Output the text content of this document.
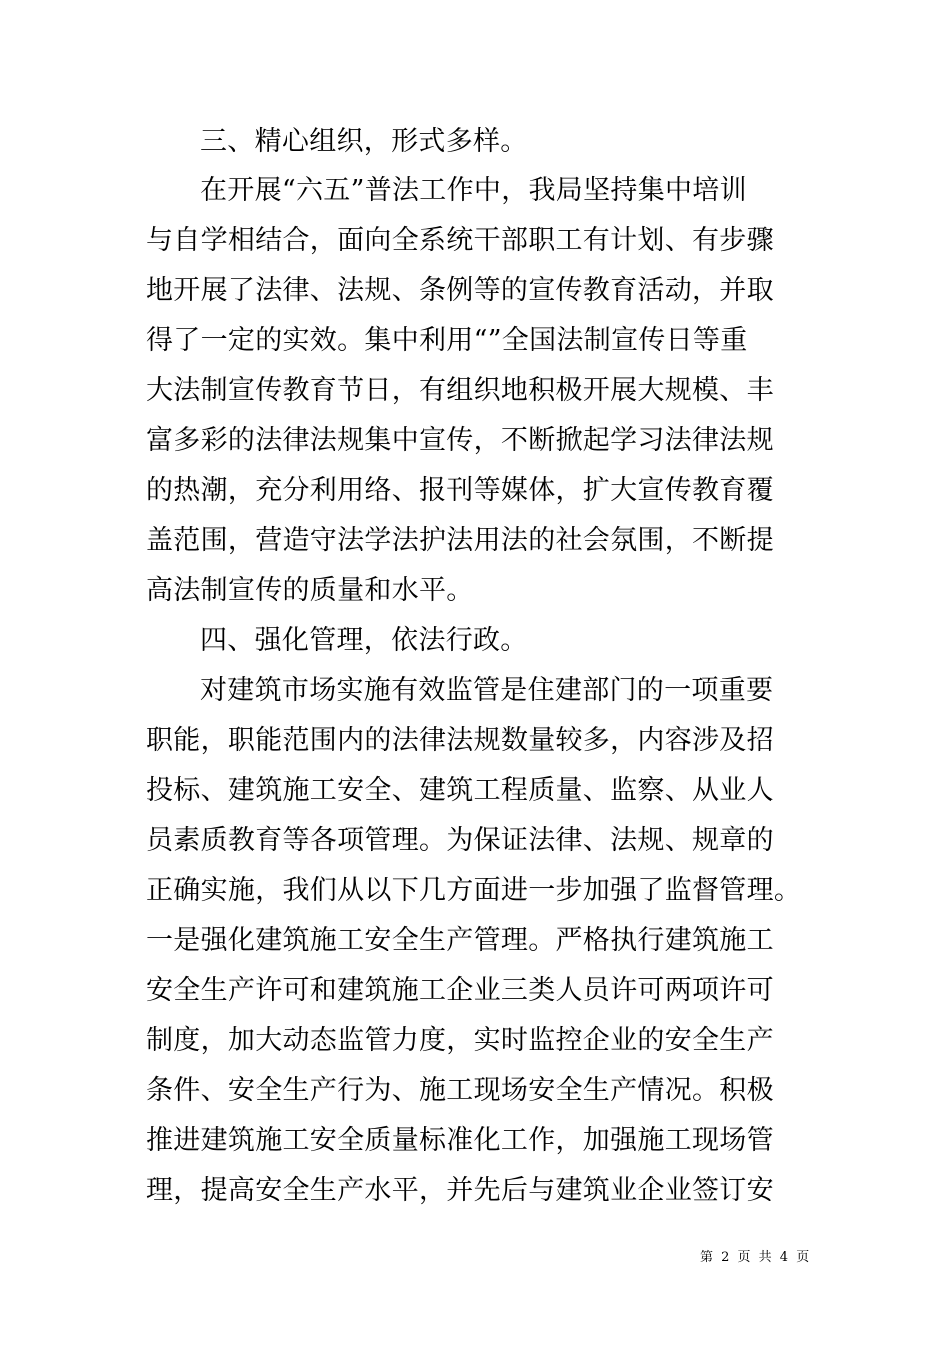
三、精心组织，形式多样。
在开展“六五”普法工作中，我局坚持集中培训
与自学相结合，面向全系统干部职工有计划、有步骤
地开展了法律、法规、条例等的宣传教育活动，并取
得了一定的实效。集中利用“”全国法制宣传日等重
大法制宣传教育节日，有组织地积极开展大规模、丰
富多彩的法律法规集中宣传，不断掀起学习法律法规
的热潮，充分利用络、报刊等媒体，扩大宣传教育覆
盖范围，营造守法学法护法用法的社会氛围，不断提
高法制宣传的质量和水平。
四、强化管理，依法行政。
对建筑市场实施有效监管是住建部门的一项重要
职能，职能范围内的法律法规数量较多，内容涉及招
投标、建筑施工安全、建筑工程质量、监察、从业人
员素质教育等各项管理。为保证法律、法规、规章的
正确实施，我们从以下几方面进一步加强了监督管理。
一是强化建筑施工安全生产管理。严格执行建筑施工
安全生产许可和建筑施工企业三类人员许可两项许可
制度，加大动态监管力度，实时监控企业的安全生产
条件、安全生产行为、施工现场安全生产情况。积极
推进建筑施工安全质量标准化工作，加强施工现场管
理，提高安全生产水平，并先后与建筑业企业签订安
第 2 页 共 4 页
